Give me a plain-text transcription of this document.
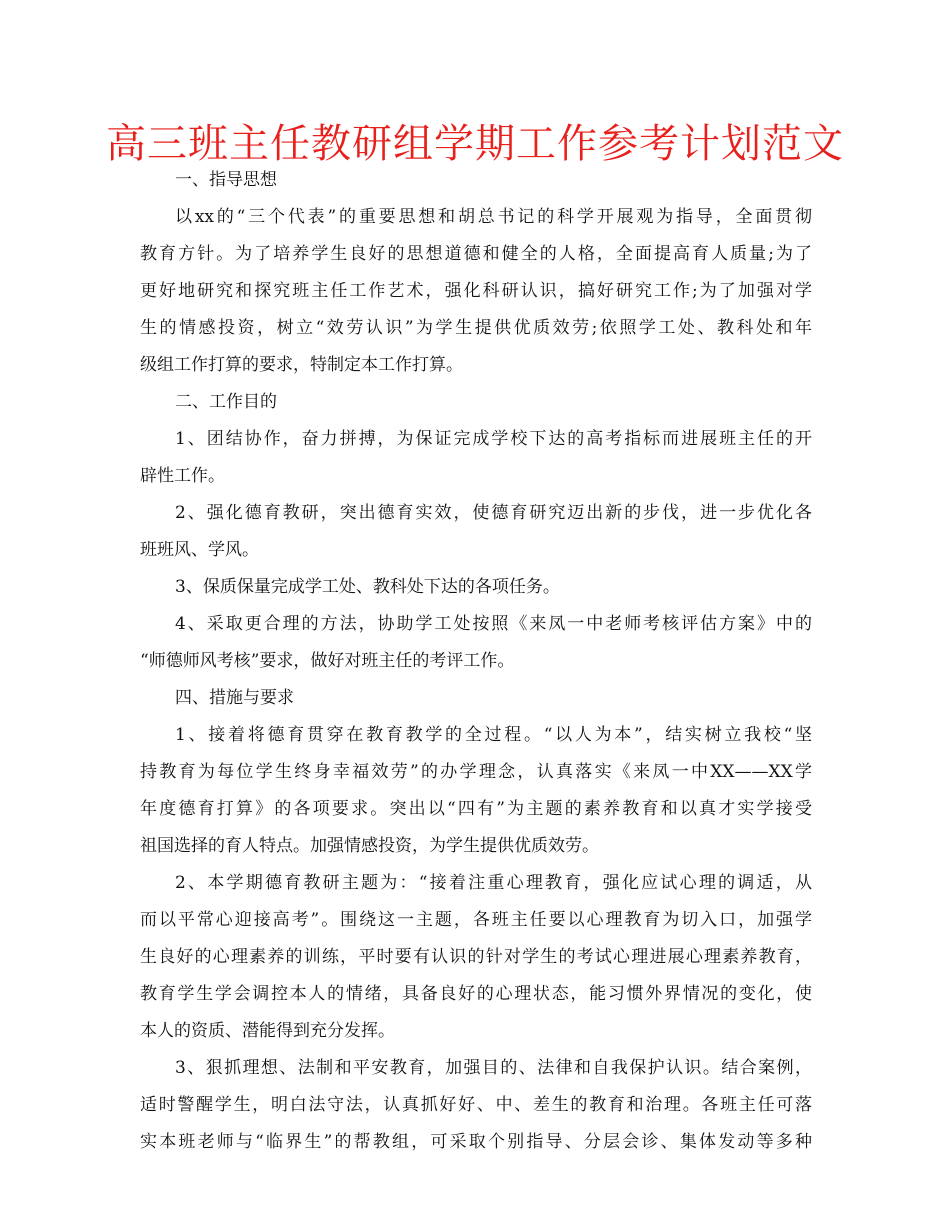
高三班主任教研组学期工作参考计划范文
一、指导思想
以xx的“三个代表”的重要思想和胡总书记的科学开展观为指导，全面贯彻
教育方针。为了培养学生良好的思想道德和健全的人格，全面提高育人质量;为了
更好地研究和探究班主任工作艺术，强化科研认识，搞好研究工作;为了加强对学
生的情感投资，树立“效劳认识”为学生提供优质效劳;依照学工处、教科处和年
级组工作打算的要求，特制定本工作打算。
二、工作目的
1、团结协作，奋力拼搏，为保证完成学校下达的高考指标而进展班主任的开
辟性工作。
2、强化德育教研，突出德育实效，使德育研究迈出新的步伐，进一步优化各
班班风、学风。
3、保质保量完成学工处、教科处下达的各项任务。
4、采取更合理的方法，协助学工处按照《来凤一中老师考核评估方案》中的
“师德师风考核”要求，做好对班主任的考评工作。
四、措施与要求
1、接着将德育贯穿在教育教学的全过程。“以人为本”，结实树立我校“坚
持教育为每位学生终身幸福效劳”的办学理念，认真落实《来凤一中XX——XX学
年度德育打算》的各项要求。突出以“四有”为主题的素养教育和以真才实学接受
祖国选择的育人特点。加强情感投资，为学生提供优质效劳。
2、本学期德育教研主题为：“接着注重心理教育，强化应试心理的调适，从
而以平常心迎接高考”。围绕这一主题，各班主任要以心理教育为切入口，加强学
生良好的心理素养的训练，平时要有认识的针对学生的考试心理进展心理素养教育，
教育学生学会调控本人的情绪，具备良好的心理状态，能习惯外界情况的变化，使
本人的资质、潜能得到充分发挥。
3、狠抓理想、法制和平安教育，加强目的、法律和自我保护认识。结合案例，
适时警醒学生，明白法守法，认真抓好好、中、差生的教育和治理。各班主任可落
实本班老师与“临界生”的帮教组，可采取个别指导、分层会诊、集体发动等多种
